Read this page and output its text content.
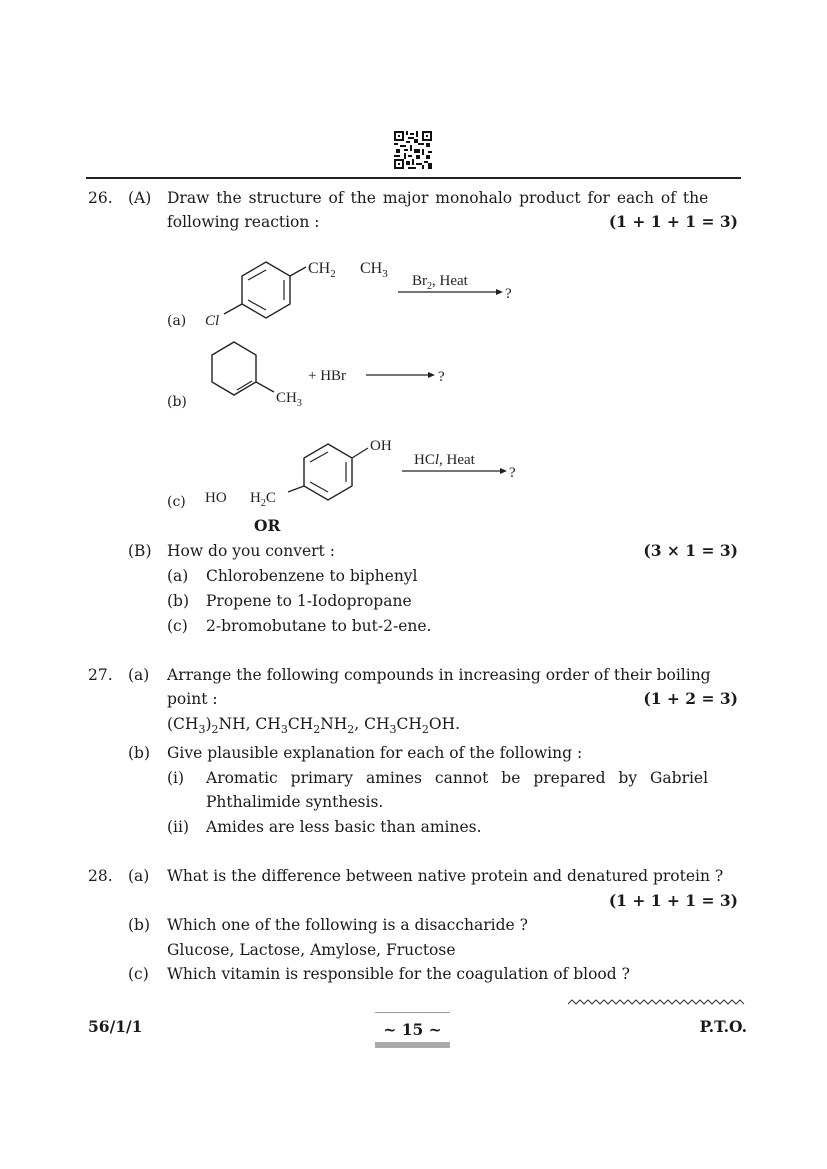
26. (A) Draw the structure of the major monohalo product for each of the
following reaction :	(1 + 1 + 1 = 3)
(a) Cl
$CH_2$ $CH_3$ $Br_2$, Heat
?
(b)	$CH_3$
+ HBr	?
(c)
OH
HO $H_2C$
HCl, Heat
?
OR
(B) How do you convert :	(3 × 1 = 3)
(a) Chlorobenzene to biphenyl
(b) Propene to 1-Iodopropane
(c) 2-bromobutane to but-2-ene.
27. (a) Arrange the following compounds in increasing order of their boiling
point :	(1 + 2 = 3)
$(CH_3)_2NH$, $CH_3CH_2NH_2$, $CH_3CH_2OH$.
(b) Give plausible explanation for each of the following :
(i) Aromatic primary amines cannot be prepared by Gabriel
Phthalimide synthesis.
(ii) Amides are less basic than amines.
28. (a) What is the difference between native protein and denatured protein ?
(1 + 1 + 1 = 3)
(b) Which one of the following is a disaccharide ?
Glucose, Lactose, Amylose, Fructose
(c) Which vitamin is responsible for the coagulation of blood ?
56/1/1	~ 15 ~	P.T.O.
